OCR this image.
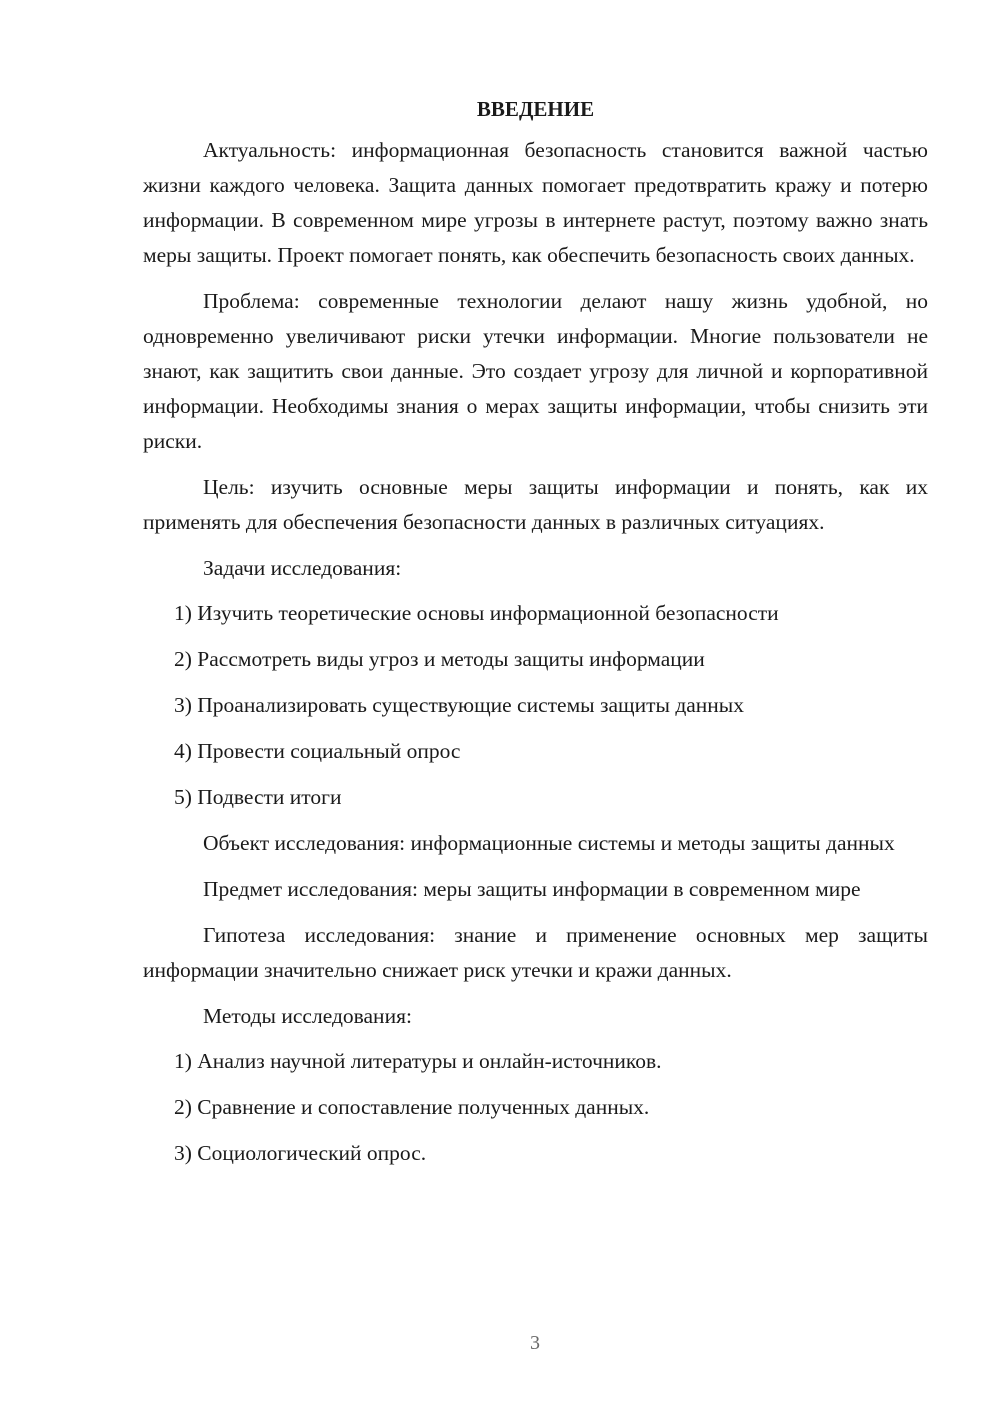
ВВЕДЕНИЕ

Актуальность: информационная безопасность становится важной частью жизни каждого человека. Защита данных помогает предотвратить кражу и потерю информации. В современном мире угрозы в интернете растут, поэтому важно знать меры защиты. Проект помогает понять, как обеспечить безопасность своих данных.

Проблема: современные технологии делают нашу жизнь удобной, но одновременно увеличивают риски утечки информации. Многие пользователи не знают, как защитить свои данные. Это создает угрозу для личной и корпоративной информации. Необходимы знания о мерах защиты информации, чтобы снизить эти риски.

Цель: изучить основные меры защиты информации и понять, как их применять для обеспечения безопасности данных в различных ситуациях.

Задачи исследования:

1) Изучить теоретические основы информационной безопасности
2) Рассмотреть виды угроз и методы защиты информации
3) Проанализировать существующие системы защиты данных
4) Провести социальный опрос
5) Подвести итоги

Объект исследования: информационные системы и методы защиты данных

Предмет исследования: меры защиты информации в современном мире

Гипотеза исследования: знание и применение основных мер защиты информации значительно снижает риск утечки и кражи данных.

Методы исследования:

1) Анализ научной литературы и онлайн-источников.
2) Сравнение и сопоставление полученных данных.
3) Социологический опрос.
3
